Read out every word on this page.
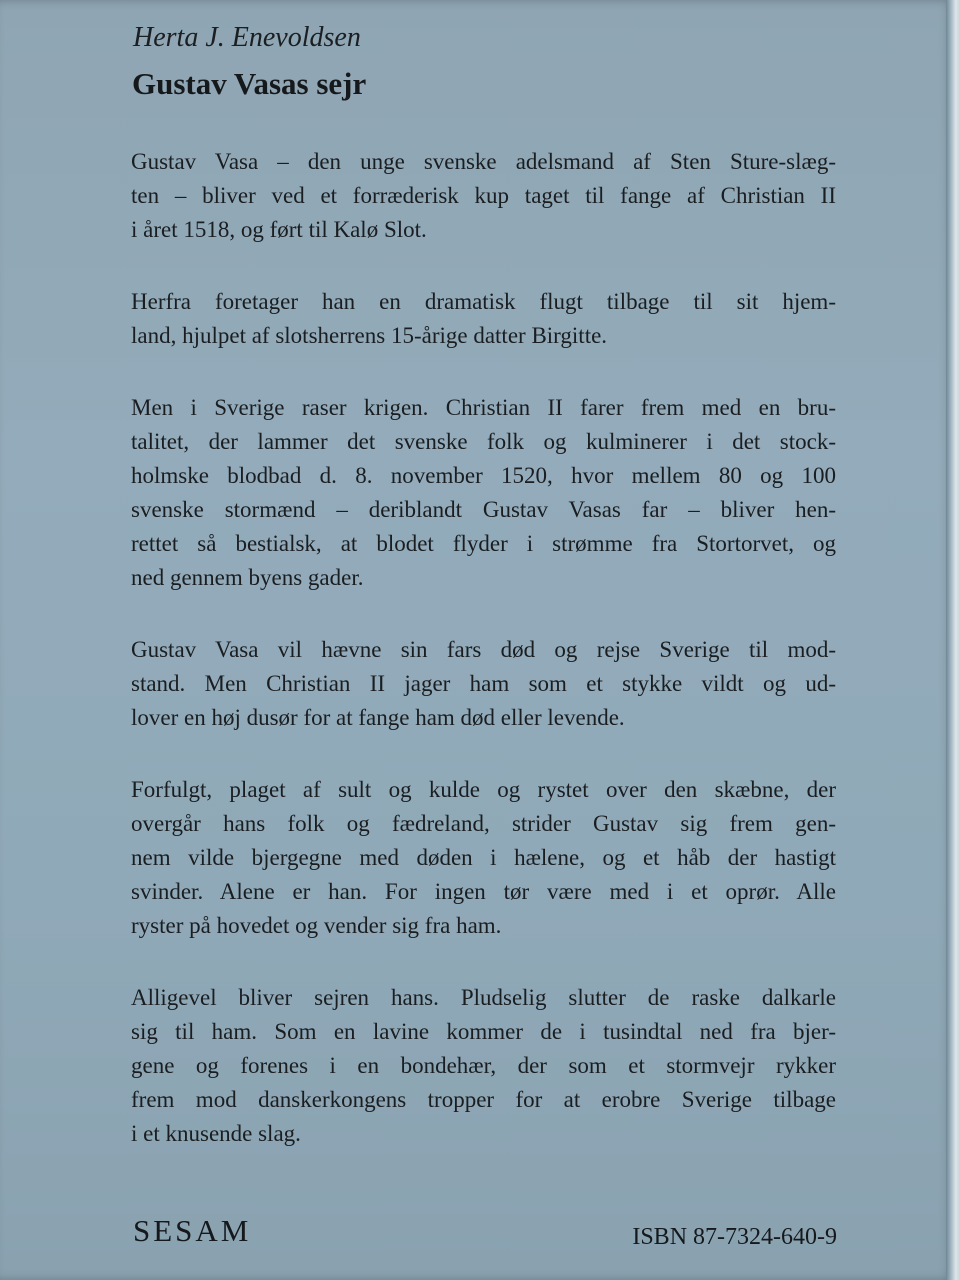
Herta J. Enevoldsen
Gustav Vasas sejr
Gustav Vasa – den unge svenske adelsmand af Sten Sture-slæg-
ten – bliver ved et forræderisk kup taget til fange af Christian II
i året 1518, og ført til Kalø Slot.
Herfra foretager han en dramatisk flugt tilbage til sit hjem-
land, hjulpet af slotsherrens 15-årige datter Birgitte.
Men i Sverige raser krigen. Christian II farer frem med en bru-
talitet, der lammer det svenske folk og kulminerer i det stock-
holmske blodbad d. 8. november 1520, hvor mellem 80 og 100
svenske stormænd – deriblandt Gustav Vasas far – bliver hen-
rettet så bestialsk, at blodet flyder i strømme fra Stortorvet, og
ned gennem byens gader.
Gustav Vasa vil hævne sin fars død og rejse Sverige til mod-
stand. Men Christian II jager ham som et stykke vildt og ud-
lover en høj dusør for at fange ham død eller levende.
Forfulgt, plaget af sult og kulde og rystet over den skæbne, der
overgår hans folk og fædreland, strider Gustav sig frem gen-
nem vilde bjergegne med døden i hælene, og et håb der hastigt
svinder. Alene er han. For ingen tør være med i et oprør. Alle
ryster på hovedet og vender sig fra ham.
Alligevel bliver sejren hans. Pludselig slutter de raske dalkarle
sig til ham. Som en lavine kommer de i tusindtal ned fra bjer-
gene og forenes i en bondehær, der som et stormvejr rykker
frem mod danskerkongens tropper for at erobre Sverige tilbage
i et knusende slag.
SESAM	ISBN 87-7324-640-9
